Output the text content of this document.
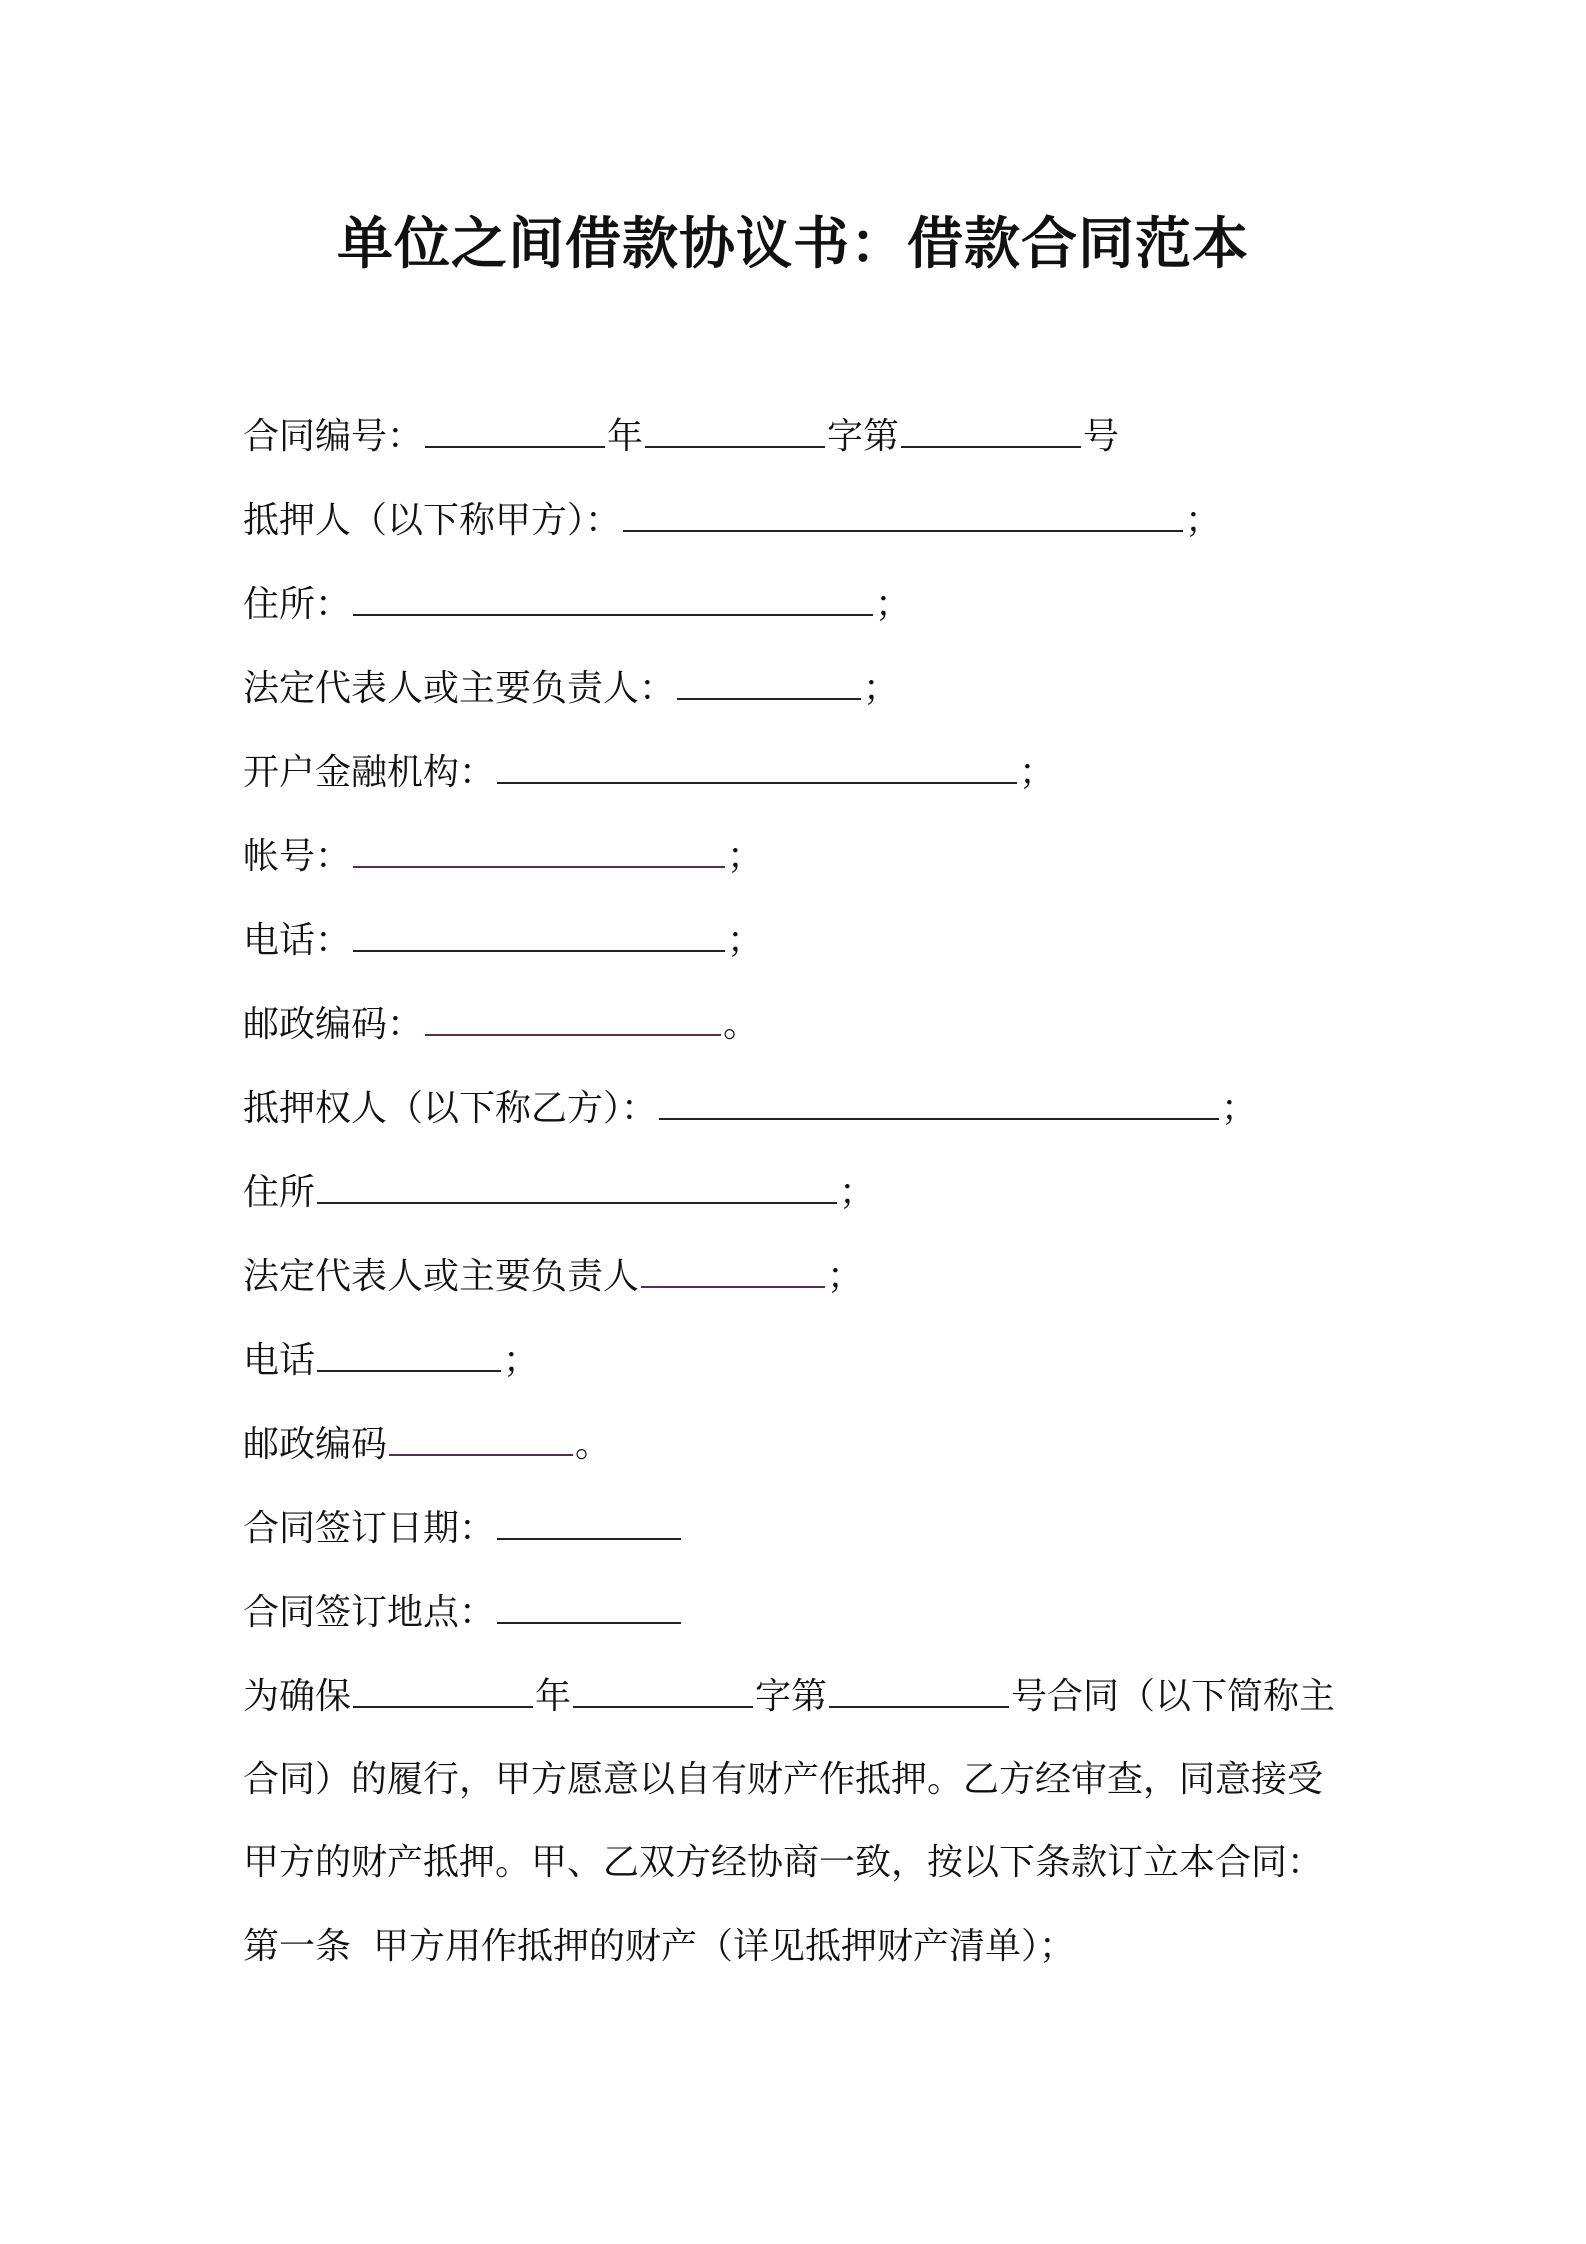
单位之间借款协议书：借款合同范本
合同编号：	年	字第	号
抵押人（以下称甲方）：	；
住所：	；
法定代表人或主要负责人：	；
开户金融机构：	；
帐号：	；
电话：	；
邮政编码：	。
抵押权人（以下称乙方）：	；
住所	；
法定代表人或主要负责人	；
电话	；
邮政编码	。
合同签订日期：
合同签订地点：
为确保	年	字第	号合同（以下简称主
合同）的履行，甲方愿意以自有财产作抵押。乙方经审查，同意接受
甲方的财产抵押。甲、乙双方经协商一致，按以下条款订立本合同：
第一条 甲方用作抵押的财产（详见抵押财产清单）；
